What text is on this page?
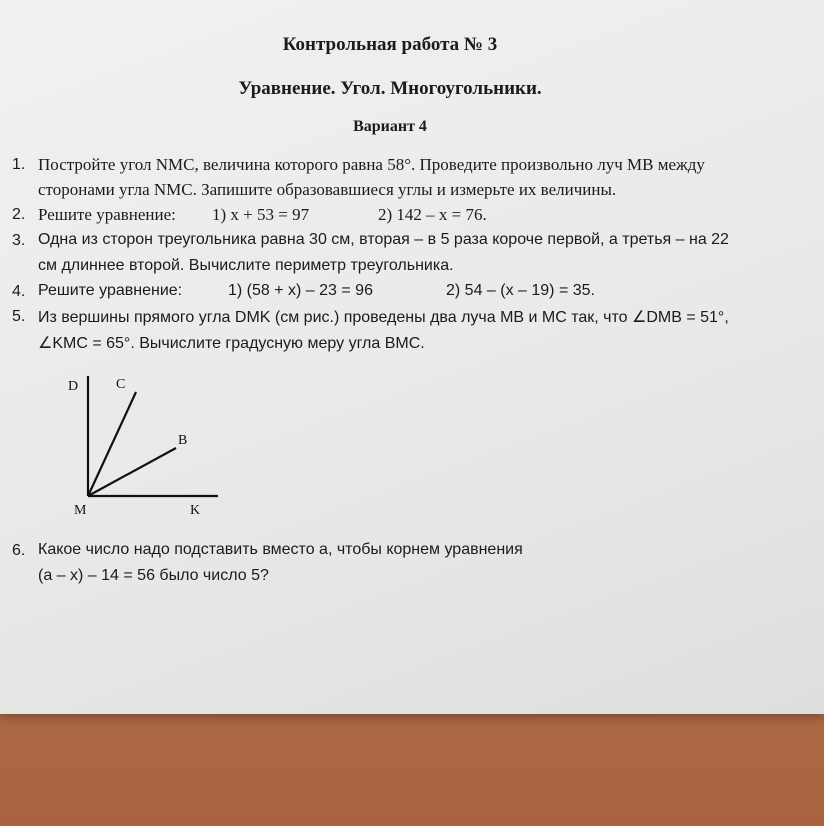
Контрольная работа № 3
Уравнение. Угол. Многоугольники.
Вариант 4
1. Постройте угол NMC, величина которого равна 58°. Проведите произвольно луч MB между
сторонами угла NMC. Запишите образовавшиеся углы и измерьте их величины.
2. Решите уравнение: 1) x + 53 = 97	2) 142 – x = 76.
3. Одна из сторон треугольника равна 30 см, вторая – в 5 раза короче первой, а третья – на 22
см длиннее второй. Вычислите периметр треугольника.
4. Решите уравнение:	1) (58 + x) – 23 = 96	2) 54 – (x – 19) = 35.
5. Из вершины прямого угла DMK (см рис.) проведены два луча MB и MC так, что ∠DMB = 51°,
∠KMC = 65°. Вычислите градусную меру угла BMC.
D	C
B
M	K
6. Какое число надо подставить вместо a, чтобы корнем уравнения
(a – x) – 14 = 56 было число 5?
